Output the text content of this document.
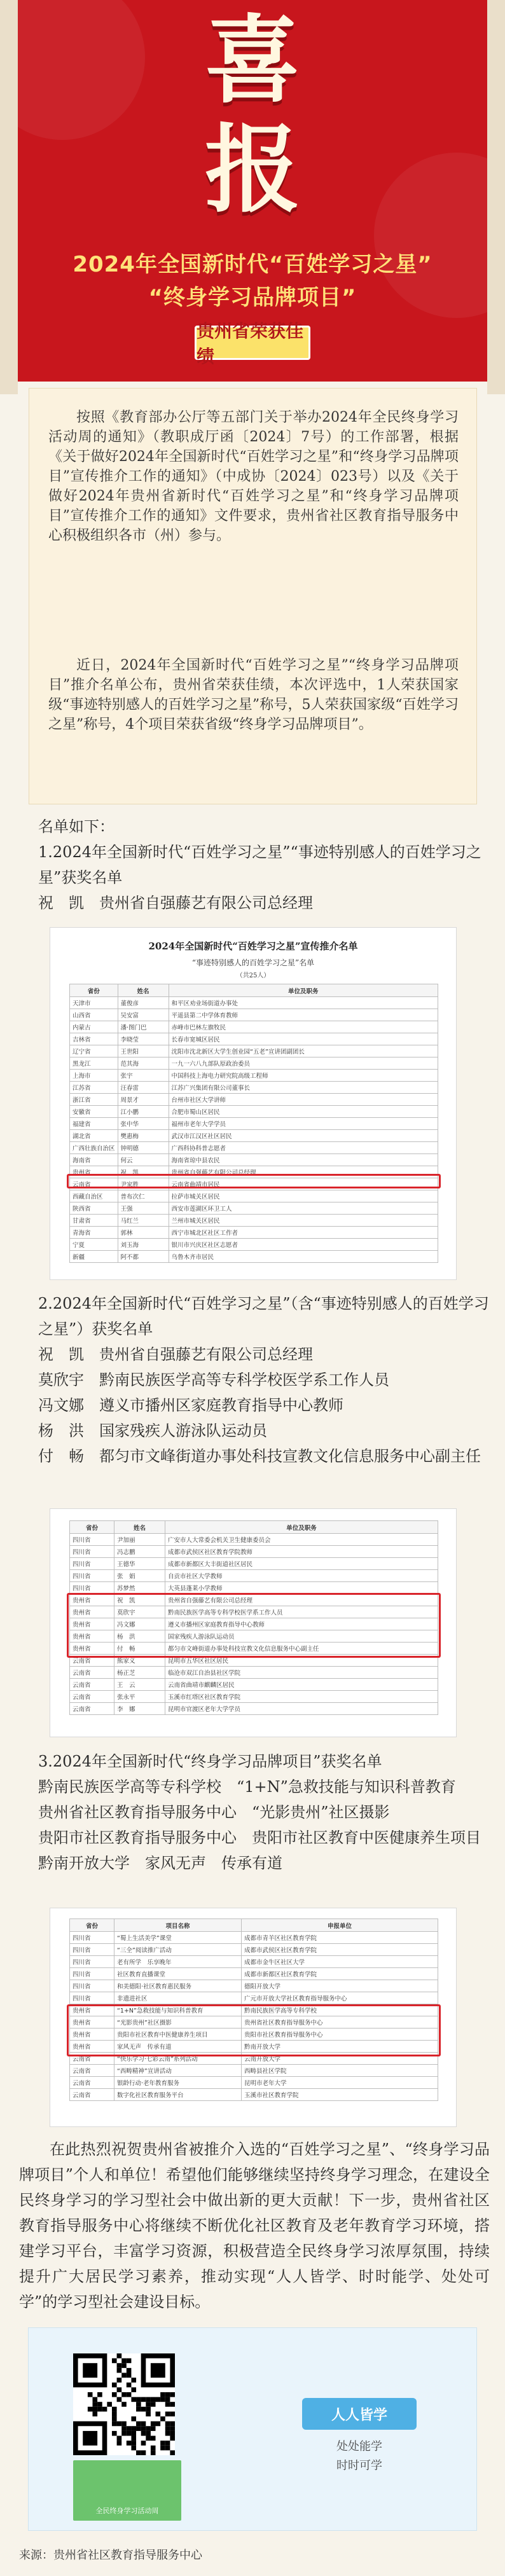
喜
报
2024年全国新时代“百姓学习之星”
“终身学习品牌项目”
贵州省荣获佳绩

按照《教育部办公厅等五部门关于举办2024年全民终身学习活动周的通知》（教职成厅函〔2024〕7号）的工作部署，根据《关于做好2024年全国新时代“百姓学习之星”和“终身学习品牌项目”宣传推介工作的通知》（中成协〔2024〕023号）以及《关于做好2024年贵州省新时代“百姓学习之星”和“终身学习品牌项目”宣传推介工作的通知》文件要求，贵州省社区教育指导服务中心积极组织各市（州）参与。

近日，2024年全国新时代“百姓学习之星”“终身学习品牌项目”推介名单公布，贵州省荣获佳绩，本次评选中，1人荣获国家级“事迹特别感人的百姓学习之星”称号，5人荣获国家级“百姓学习之星”称号，4个项目荣获省级“终身学习品牌项目”。

名单如下：
1.2024年全国新时代“百姓学习之星”“事迹特别感人的百姓学习之星”获奖名单
祝　凯　贵州省自强藤艺有限公司总经理
2024年全国新时代“百姓学习之星”宣传推介名单
“事迹特别感人的百姓学习之星”名单
（共25人）
省份	姓名	单位及职务
天津市	董俊彦	和平区劝业场街道办事处
山西省	吴安富	平遥县第二中学体育教师
内蒙古	潘·图门巴	赤峰市巴林左旗牧民
吉林省	李晓莹	长春市宽城区居民
辽宁省	王世阳	沈阳市沈北新区大学生创业园“五老”宣讲团副团长
黑龙江	范其海	一九一六八九部队原政治委员
上海市	张宇	中国科技上海电力研究院高级工程师
江苏省	汪春雷	江苏广兴集团有限公司董事长
浙江省	周景才	台州市社区大学讲师
安徽省	江小鹏	合肥市蜀山区居民
福建省	张中华	福州市老年大学学员
湖北省	樊惠梅	武汉市江汉区社区居民
广西壮族自治区	钟明德	广西科协科普志愿者
海南省	何云	海南省琼中县农民
贵州省	祝　凯	贵州省自强藤艺有限公司总经理
云南省	尹家胜	云南省曲靖市居民
西藏自治区	普布次仁	拉萨市城关区居民
陕西省	王强	西安市莲湖区环卫工人
甘肃省	马红兰	兰州市城关区居民
青海省	郭林	西宁市城北区社区工作者
宁夏	刘玉海	银川市兴庆区社区志愿者
新疆	阿不都	乌鲁木齐市居民
2.2024年全国新时代“百姓学习之星”（含“事迹特别感人的百姓学习之星”）获奖名单
祝　凯　贵州省自强藤艺有限公司总经理
莫欣宇　黔南民族医学高等专科学校医学系工作人员
冯文娜　遵义市播州区家庭教育指导中心教师
杨　洪　国家残疾人游泳队运动员
付　畅　都匀市文峰街道办事处科技宣教文化信息服务中心副主任
省份	姓名	单位及职务
四川省	尹加丽	广安市人大常委会机关卫生健康委员会
四川省	冯志鹏	成都市武侯区社区教育学院教师
四川省	王德华	成都市新都区大丰街道社区居民
四川省	张　娟	自贡市社区大学教师
四川省	苏梦然	大英县蓬莱小学教师
贵州省	祝　凯	贵州省自强藤艺有限公司总经理
贵州省	莫欣宇	黔南民族医学高等专科学校医学系工作人员
贵州省	冯文娜	遵义市播州区家庭教育指导中心教师
贵州省	杨　洪	国家残疾人游泳队运动员
贵州省	付　畅	都匀市文峰街道办事处科技宣教文化信息服务中心副主任
云南省	熊家义	昆明市五华区社区居民
云南省	杨正芝	临沧市双江自治县社区学院
云南省	王　云	云南省曲靖市麒麟区居民
云南省	张永平	玉溪市红塔区社区教育学院
云南省	李　娜	昆明市官渡区老年大学学员
3.2024年全国新时代“终身学习品牌项目”获奖名单
黔南民族医学高等专科学校　“1+N”急救技能与知识科普教育
贵州省社区教育指导服务中心　“光影贵州”社区摄影
贵阳市社区教育指导服务中心　贵阳市社区教育中医健康养生项目
黔南开放大学　家风无声　传承有道
省份	项目名称	申报单位
四川省	“蜀上生活美学”课堂	成都市青羊区社区教育学院
四川省	“三全”阅读推广活动	成都市武侯区社区教育学院
四川省	老有所学　乐享晚年	成都市金牛区社区大学
四川省	社区教育直播课堂	成都市新都区社区教育学院
四川省	和美德阳·社区教育惠民服务	德阳开放大学
四川省	非遗进社区	广元市开放大学社区教育指导服务中心
贵州省	“1+N”急救技能与知识科普教育	黔南民族医学高等专科学校
贵州省	“光影贵州”社区摄影	贵州省社区教育指导服务中心
贵州省	贵阳市社区教育中医健康养生项目	贵阳市社区教育指导服务中心
贵州省	家风无声　传承有道	黔南开放大学
云南省	“快乐学习·七彩云南”系列活动	云南开放大学
云南省	“西畴精神”宣讲活动	西畴县社区学院
云南省	银龄行动·老年教育服务	昆明市老年大学
云南省	数字化社区教育服务平台	玉溪市社区教育学院
在此热烈祝贺贵州省被推介入选的“百姓学习之星”、“终身学习品牌项目”个人和单位！希望他们能够继续坚持终身学习理念，在建设全民终身学习的学习型社会中做出新的更大贡献！下一步，贵州省社区教育指导服务中心将继续不断优化社区教育及老年教育学习环境，搭建学习平台，丰富学习资源，积极营造全民终身学习浓厚氛围，持续提升广大居民学习素养，推动实现“人人皆学、时时能学、处处可学”的学习型社会建设目标。
全民终身学习活动周
人人皆学
处处能学
时时可学
来源：贵州省社区教育指导服务中心
